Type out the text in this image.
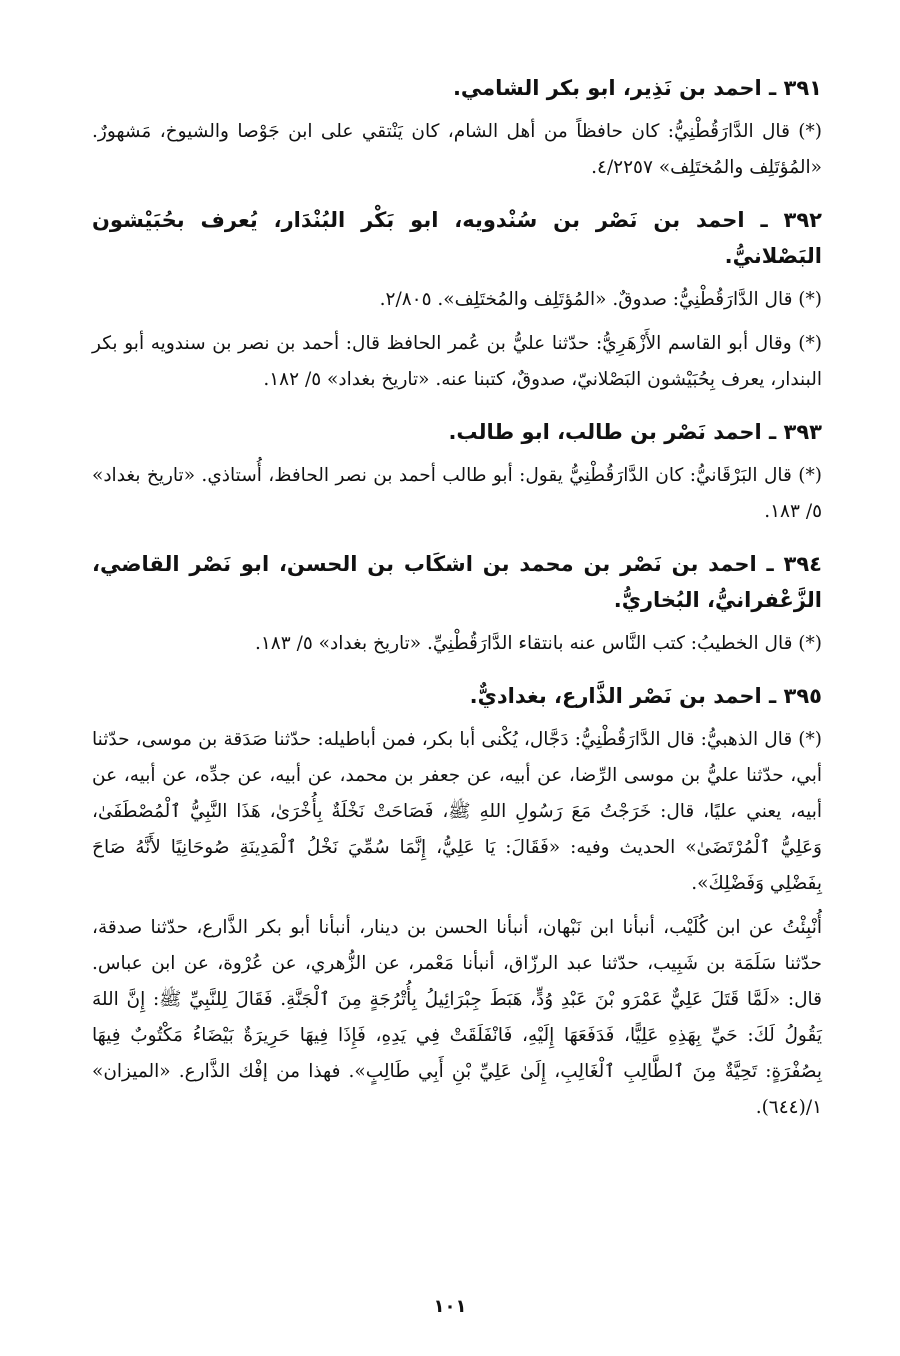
٣٩١ ـ احمد بن نَذِير، ابو بكر الشامي.

(*) قال الدَّارَقُطْنِيُّ: كان حافظاً من أهل الشام، كان يَنْتقي على ابن جَوْصا والشيوخ، مَشهورٌ. «المُؤتَلِف والمُختَلِف» ٤/٢٢٥٧.

٣٩٢ ـ احمد بن نَصْر بن سُنْدويه، ابو بَكْر البُنْدَار، يُعرف بحُبَيْشون البَصْلانيُّ.

(*) قال الدَّارَقُطْنِيُّ: صدوقٌ. «المُؤتَلِف والمُختَلِف». ٢/٨٠٥.

(*) وقال أبو القاسم الأَزْهَرِيُّ: حدّثنا عليُّ بن عُمر الحافظ قال: أحمد بن نصر بن سندويه أبو بكر البندار، يعرف بِحُبَيْشون البَصْلانيّ، صدوقٌ، كتبنا عنه. «تاريخ بغداد» ٥/ ١٨٢.

٣٩٣ ـ احمد نَصْر بن طالب، ابو طالب.

(*) قال البَرْقَانيُّ: كان الدَّارَقُطْنِيُّ يقول: أبو طالب أحمد بن نصر الحافظ، أُستاذي. «تاريخ بغداد» ٥/ ١٨٣.

٣٩٤ ـ احمد بن نَصْر بن محمد بن اشكَاب بن الحسن، ابو نَصْر القاضي، الزَّعْفرانيُّ، البُخاريُّ.

(*) قال الخطيبُ: كتب النَّاس عنه بانتقاء الدَّارَقُطْنِيِّ. «تاريخ بغداد» ٥/ ١٨٣.

٣٩٥ ـ احمد بن نَصْر الذَّارع، بغداديٌّ.

(*) قال الذهبيُّ: قال الدَّارَقُطْنِيُّ: دَجَّال، يُكْنى أبا بكر، فمن أباطيله: حدّثنا صَدَقة بن موسى، حدّثنا أبي، حدّثنا عليُّ بن موسى الرِّضا، عن أبيه، عن جعفر بن محمد، عن أبيه، عن جدِّه، عن أبيه، عن أبيه، يعني عليًا، قال: خَرَجْتُ مَعَ رَسُولِ اللهِ ﷺ، فَصَاحَتْ نَخْلَةٌ بِأُخْرَىٰ، هَذَا النَّبِيُّ ٱلْمُصْطَفَىٰ، وَعَلِيُّ ٱلْمُرْتَضَىٰ» الحديث وفيه: «فَقَالَ: يَا عَلِيُّ، إِنَّمَا سُمِّيَ نَخْلُ ٱلْمَدِينَةِ صُوحَانِيًا لأَنَّهُ صَاحَ بِفَضْلِي وَفَضْلِكَ».

أُنْبِئْتُ عن ابن كُلَيْب، أنبأنا ابن نَبْهان، أنبأنا الحسن بن دينار، أنبأنا أبو بكر الذَّارع، حدّثنا صدقة، حدّثنا سَلَمَة بن شَبِيب، حدّثنا عبد الرزّاق، أنبأنا مَعْمر، عن الزُّهري، عن عُرْوة، عن ابن عباس. قال: «لَمَّا قَتَلَ عَلِيٌّ عَمْرَو بْنَ عَبْدِ وُدٍّ، هَبَطَ جِبْرَائِيلُ بِأُتْرُجَةٍ مِنَ ٱلْجَنَّةِ. فَقَالَ لِلنَّبِيِّ ﷺ: إِنَّ اللهَ يَقُولُ لَكَ: حَيِّ بِهَذِهِ عَلِيًّا، فَدَفَعَهَا إِلَيْهِ، فَانْفَلَقَتْ فِي يَدِهِ، فَإِذَا فِيهَا حَرِيرَةٌ بَيْضَاءُ مَكْتُوبٌ فِيهَا بِصُفْرَةٍ: تَحِيَّةٌ مِنَ ٱلطَّالِبِ ٱلْغَالِبِ، إِلَىٰ عَلِيِّ بْنِ أَبِي طَالِبٍ». فهذا من إفْك الذَّارع. «الميزان» ١/(٦٤٤).

١٠١
